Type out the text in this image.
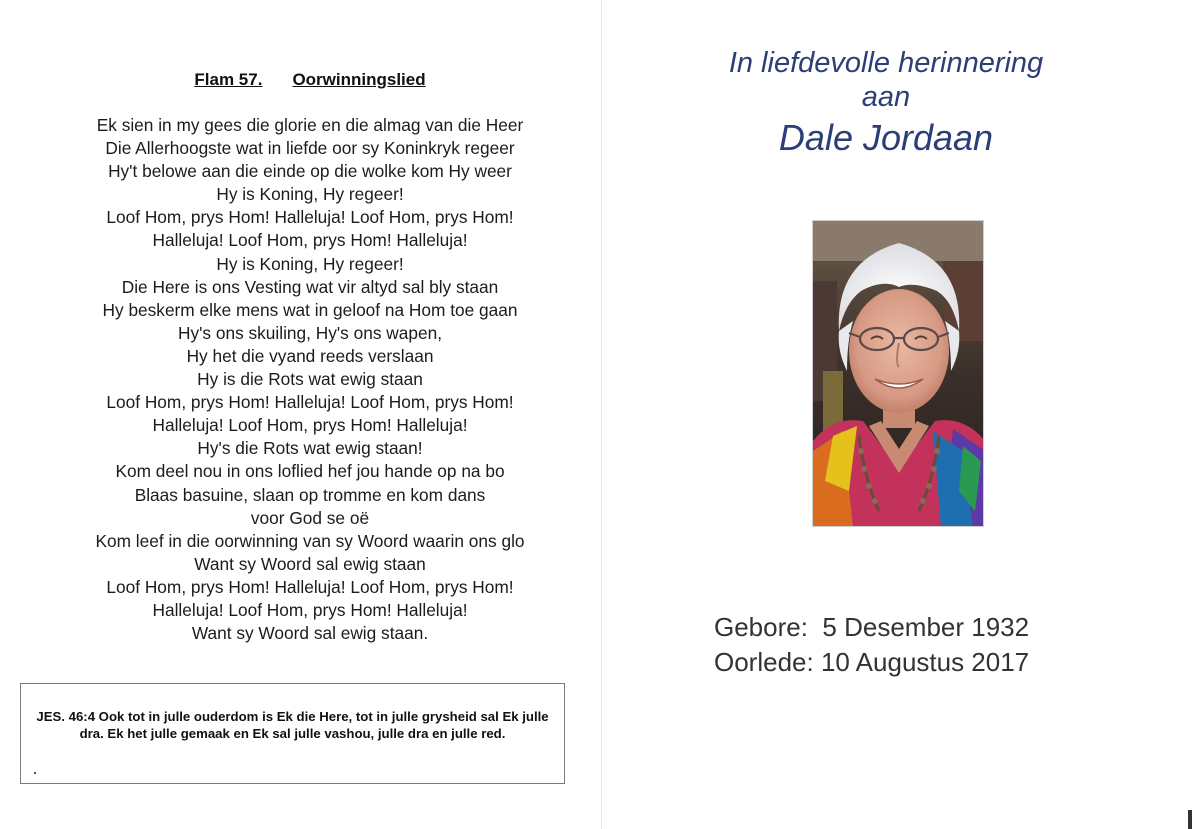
Flam 57. Oorwinningslied
Ek sien in my gees die glorie en die almag van die Heer
Die Allerhoogste wat in liefde oor sy Koninkryk regeer
Hy't belowe aan die einde op die wolke kom Hy weer
Hy is Koning, Hy regeer!
Loof Hom, prys Hom! Halleluja! Loof Hom, prys Hom!
Halleluja! Loof Hom, prys Hom! Halleluja!
Hy is Koning, Hy regeer!
Die Here is ons Vesting wat vir altyd sal bly staan
Hy beskerm elke mens wat in geloof na Hom toe gaan
Hy's ons skuiling, Hy's ons wapen,
Hy het die vyand reeds verslaan
Hy is die Rots wat ewig staan
Loof Hom, prys Hom! Halleluja! Loof Hom, prys Hom!
Halleluja! Loof Hom, prys Hom! Halleluja!
Hy's die Rots wat ewig staan!
Kom deel nou in ons loflied hef jou hande op na bo
Blaas basuine, slaan op tromme en kom dans
voor God se oë
Kom leef in die oorwinning van sy Woord waarin ons glo
Want sy Woord sal ewig staan
Loof Hom, prys Hom! Halleluja! Loof Hom, prys Hom!
Halleluja! Loof Hom, prys Hom! Halleluja!
Want sy Woord sal ewig staan.
JES. 46:4 Ook tot in julle ouderdom is Ek die Here, tot in julle grysheid sal Ek julle dra. Ek het julle gemaak en Ek sal julle vashou, julle dra en julle red.
In liefdevolle herinnering
aan
Dale Jordaan
Gebore: 5 Desember 1932
Oorlede: 10 Augustus 2017
